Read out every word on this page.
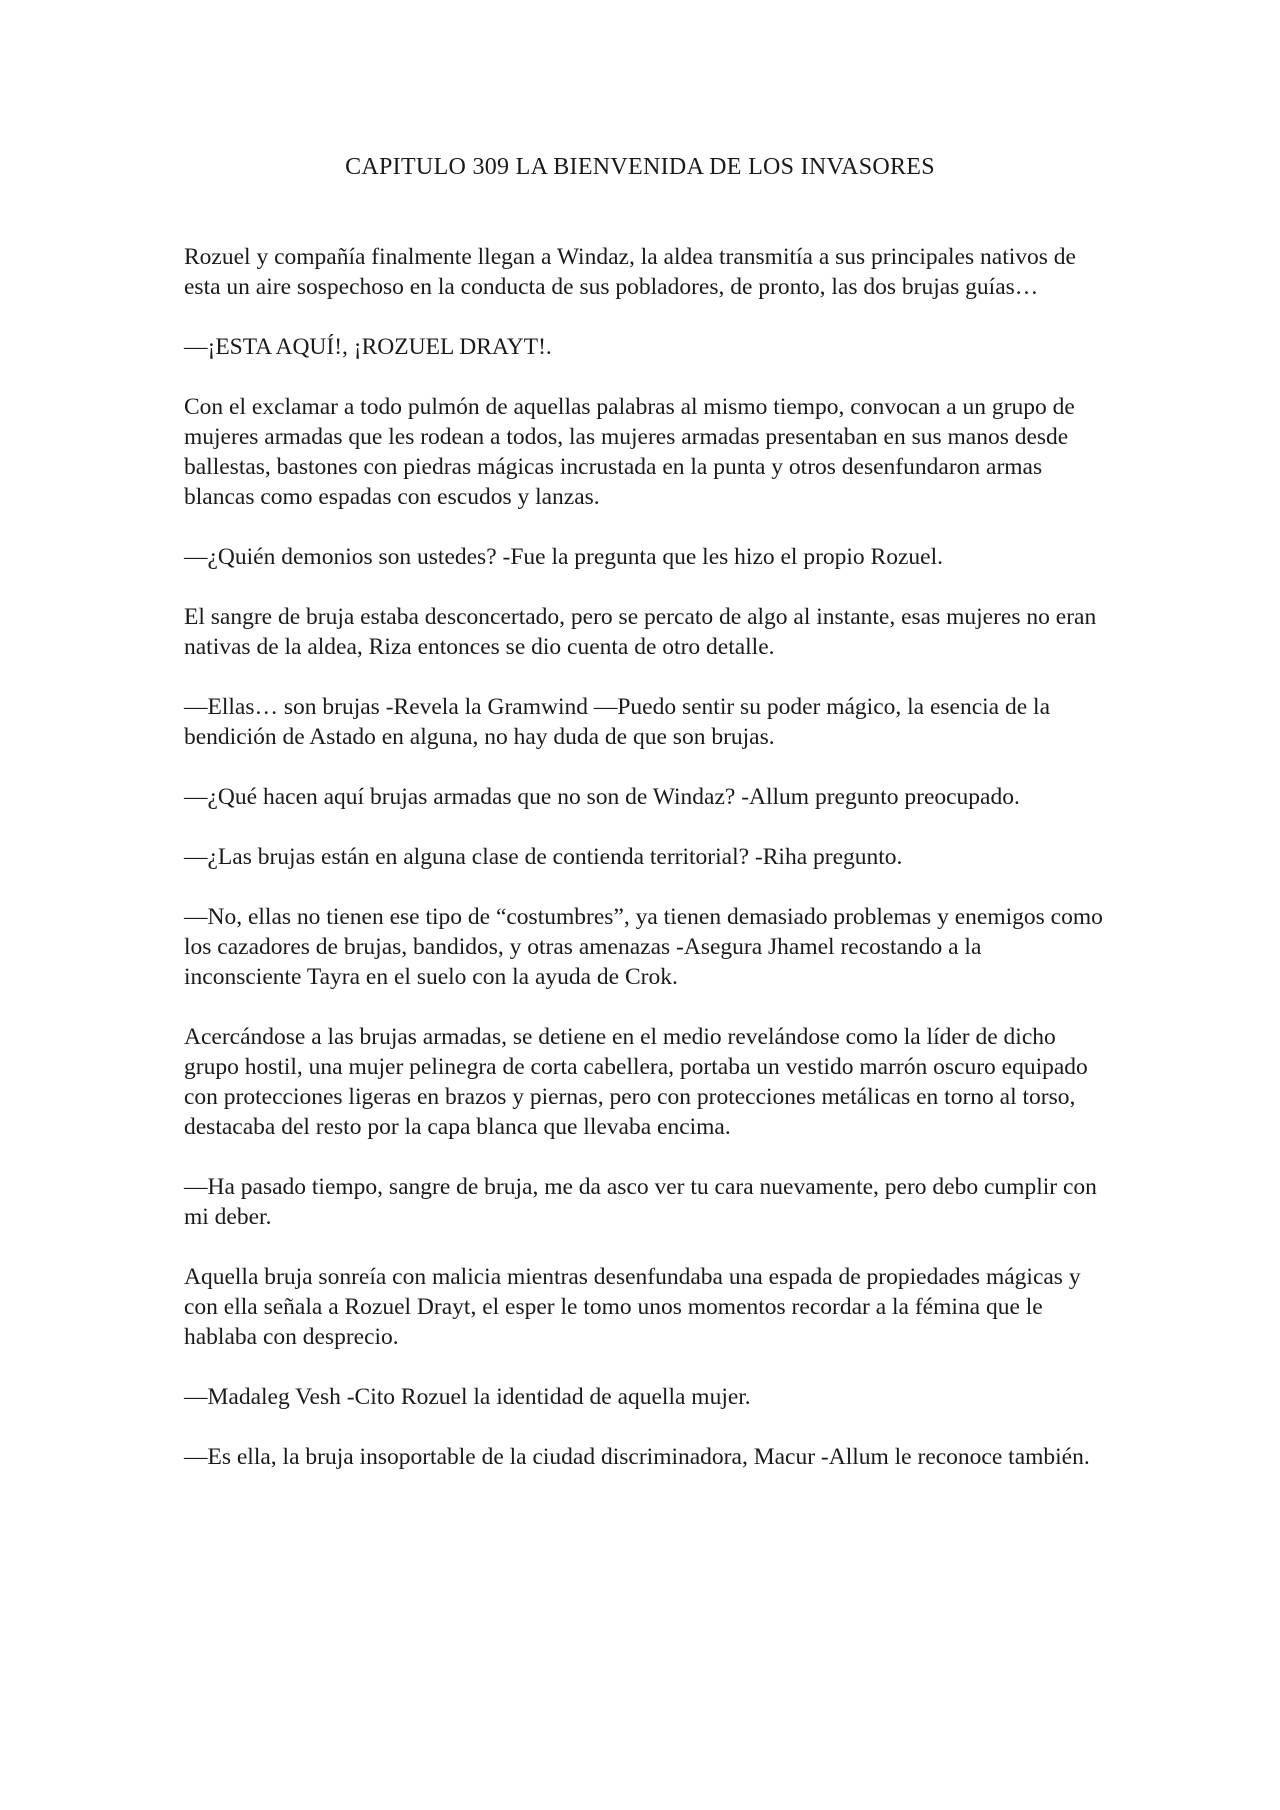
CAPITULO 309 LA BIENVENIDA DE LOS INVASORES

Rozuel y compañía finalmente llegan a Windaz, la aldea transmitía a sus principales nativos de esta un aire sospechoso en la conducta de sus pobladores, de pronto, las dos brujas guías…

—¡ESTA AQUÍ!, ¡ROZUEL DRAYT!.

Con el exclamar a todo pulmón de aquellas palabras al mismo tiempo, convocan a un grupo de mujeres armadas que les rodean a todos, las mujeres armadas presentaban en sus manos desde ballestas, bastones con piedras mágicas incrustada en la punta y otros desenfundaron armas blancas como espadas con escudos y lanzas.

—¿Quién demonios son ustedes? -Fue la pregunta que les hizo el propio Rozuel.

El sangre de bruja estaba desconcertado, pero se percato de algo al instante, esas mujeres no eran nativas de la aldea, Riza entonces se dio cuenta de otro detalle.

—Ellas… son brujas -Revela la Gramwind —Puedo sentir su poder mágico, la esencia de la bendición de Astado en alguna, no hay duda de que son brujas.

—¿Qué hacen aquí brujas armadas que no son de Windaz? -Allum pregunto preocupado.

—¿Las brujas están en alguna clase de contienda territorial? -Riha pregunto.

—No, ellas no tienen ese tipo de “costumbres”, ya tienen demasiado problemas y enemigos como los cazadores de brujas, bandidos, y otras amenazas -Asegura Jhamel recostando a la inconsciente Tayra en el suelo con la ayuda de Crok.

Acercándose a las brujas armadas, se detiene en el medio revelándose como la líder de dicho grupo hostil, una mujer pelinegra de corta cabellera, portaba un vestido marrón oscuro equipado con protecciones ligeras en brazos y piernas, pero con protecciones metálicas en torno al torso, destacaba del resto por la capa blanca que llevaba encima.

—Ha pasado tiempo, sangre de bruja, me da asco ver tu cara nuevamente, pero debo cumplir con mi deber.

Aquella bruja sonreía con malicia mientras desenfundaba una espada de propiedades mágicas y con ella señala a Rozuel Drayt, el esper le tomo unos momentos recordar a la fémina que le hablaba con desprecio.

—Madaleg Vesh -Cito Rozuel la identidad de aquella mujer.

—Es ella, la bruja insoportable de la ciudad discriminadora, Macur -Allum le reconoce también.
